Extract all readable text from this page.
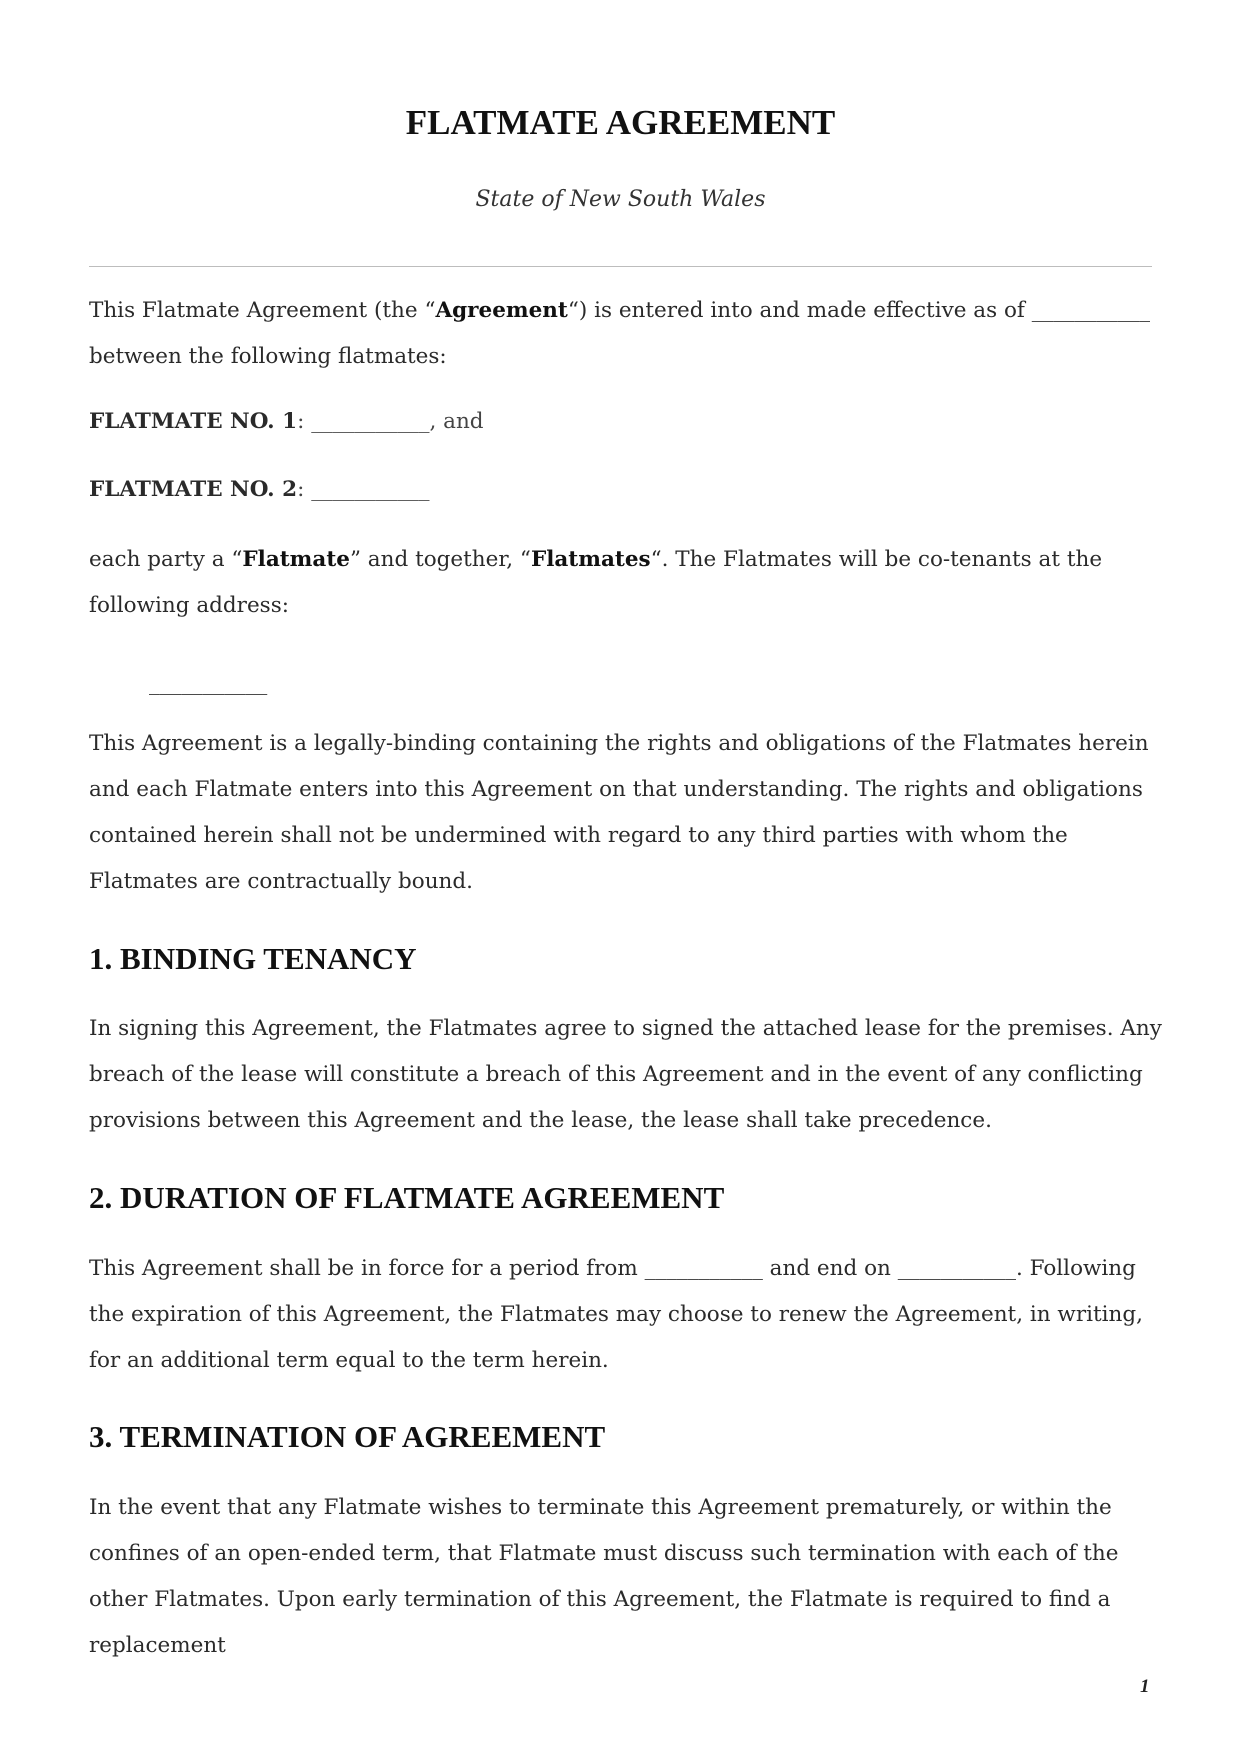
FLATMATE AGREEMENT

State of New South Wales

This Flatmate Agreement (the “Agreement“) is entered into and made effective as of ___________ between the following flatmates:

FLATMATE NO. 1: ___________, and

FLATMATE NO. 2: ___________

each party a “Flatmate” and together, “Flatmates“. The Flatmates will be co-tenants at the following address:

___________

This Agreement is a legally-binding containing the rights and obligations of the Flatmates herein and each Flatmate enters into this Agreement on that understanding. The rights and obligations contained herein shall not be undermined with regard to any third parties with whom the Flatmates are contractually bound.

1. BINDING TENANCY

In signing this Agreement, the Flatmates agree to signed the attached lease for the premises. Any breach of the lease will constitute a breach of this Agreement and in the event of any conflicting provisions between this Agreement and the lease, the lease shall take precedence.

2. DURATION OF FLATMATE AGREEMENT

This Agreement shall be in force for a period from ___________ and end on ___________. Following the expiration of this Agreement, the Flatmates may choose to renew the Agreement, in writing, for an additional term equal to the term herein.

3. TERMINATION OF AGREEMENT

In the event that any Flatmate wishes to terminate this Agreement prematurely, or within the confines of an open-ended term, that Flatmate must discuss such termination with each of the other Flatmates. Upon early termination of this Agreement, the Flatmate is required to find a replacement

1
